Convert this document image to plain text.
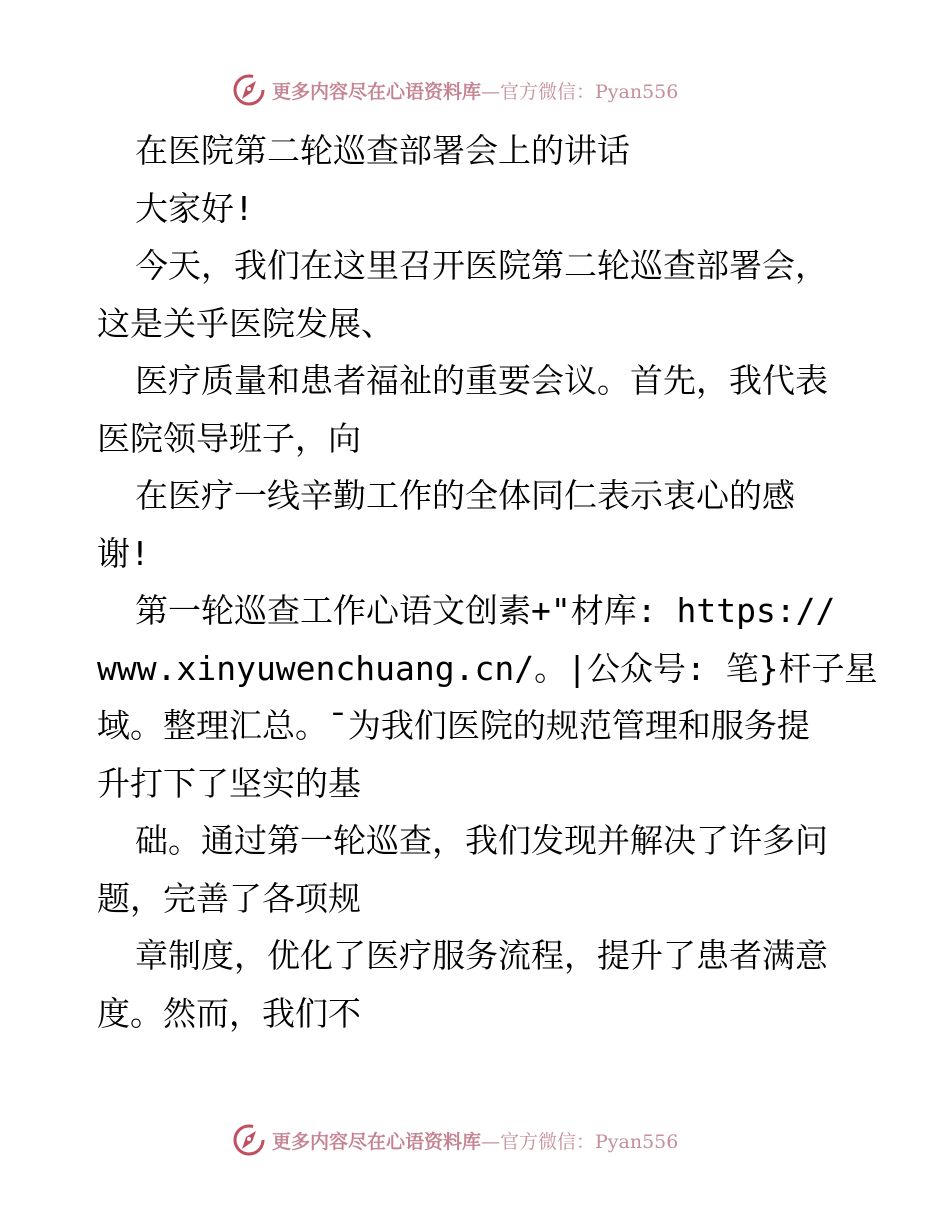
更多内容尽在心语资料库—官方微信：Pyan556
在医院第二轮巡查部署会上的讲话
大家好!
今天，我们在这里召开医院第二轮巡查部署会，
这是关乎医院发展、
医疗质量和患者福祉的重要会议。首先，我代表
医院领导班子，向
在医疗一线辛勤工作的全体同仁表示衷心的感
谢!
第一轮巡查工作心语文创素+"材库: https://
www.xinyuwenchuang.cn/。|公众号: 笔}杆子星
域。整理汇总。¯为我们医院的规范管理和服务提
升打下了坚实的基
础。通过第一轮巡查，我们发现并解决了许多问
题，完善了各项规
章制度，优化了医疗服务流程，提升了患者满意
度。然而，我们不
更多内容尽在心语资料库—官方微信：Pyan556
